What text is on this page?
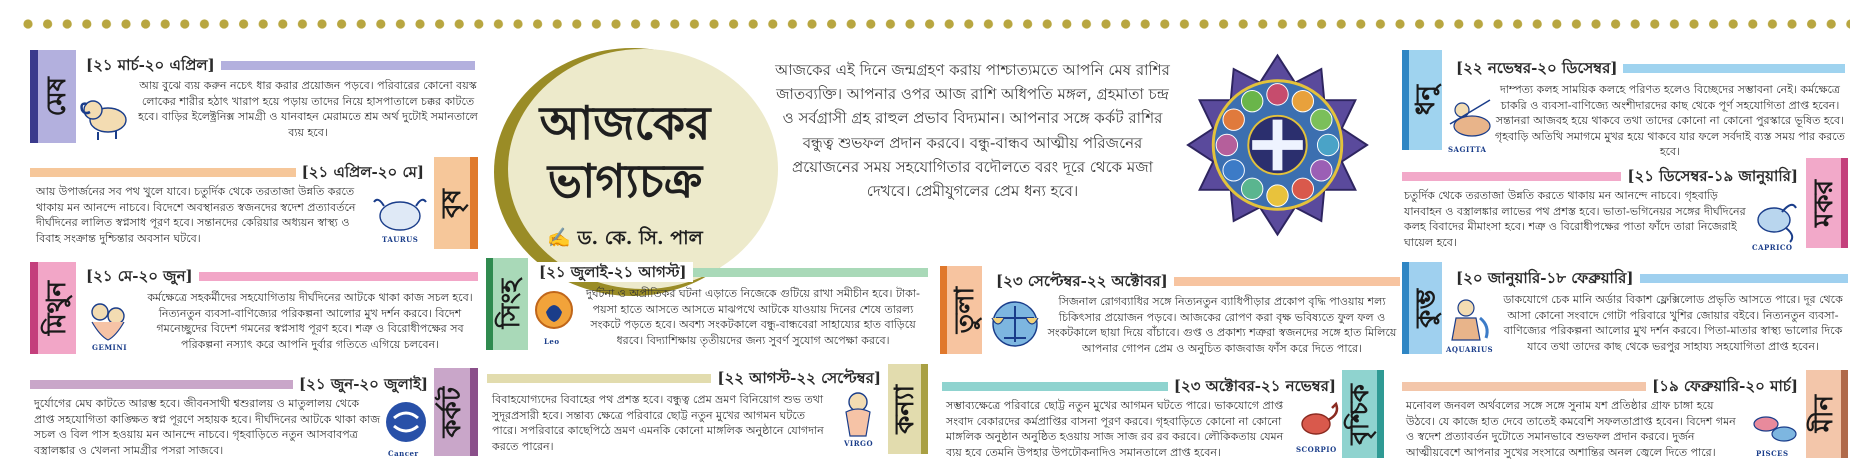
আজকের
ভাগ্যচক্র
✍ ড. কে. সি. পাল

আজকের এই দিনে জন্মগ্রহণ করায় পাশ্চাত্যমতে আপনি মেষ রাশির জাতব্যক্তি। আপনার ওপর আজ রাশি অধিপতি মঙ্গল, গ্রহমাতা চন্দ্র ও সর্বগ্রাসী গ্রহ রাহুল প্রভাব বিদ্যমান। আপনার সঙ্গে কর্কট রাশির বন্ধুত্ব শুভফল প্রদান করবে। বন্ধু-বান্ধব আত্মীয় পরিজনের প্রয়োজনের সময় সহযোগিতার বদৌলতে বরং দূরে থেকে মজা দেখবে। প্রেমীযুগলের প্রেম ধন্য হবে।

মেষ
[২১ মার্চ-২০ এপ্রিল]

আয় বুঝে ব্যয় করুন নচেৎ ধার করার প্রয়োজন পড়বে। পরিবারের কোনো বয়স্ক লোকের শারীর হঠাৎ খারাপ হয়ে পড়ায় তাদের নিয়ে হাসপাতালে চক্কর কাটতে হবে। বাড়ির ইলেক্ট্রনিক্স সামগ্রী ও যানবাহন মেরামতে শ্রম অর্থ দুটোই সমানতালে ব্যয় হবে।

[২১ এপ্রিল-২০ মে]
বৃষ

আয় উপার্জনের সব পথ খুলে যাবে। চতুর্দিক থেকে তরতাজা উন্নতি করতে থাকায় মন আনন্দে নাচবে। বিদেশে অবস্থানরত স্বজনদের স্বদেশ প্রত্যাবর্তনে দীর্ঘদিনের লালিত স্বপ্নসাধ পূরণ হবে। সন্তানদের কেরিয়ার অধ্যয়ন স্বাস্থ্য ও বিবাহ সংক্রান্ত দুশ্চিন্তার অবসান ঘটবে।	TAURUS
মিথুন
[২১ মে-২০ জুন]
GEMINI

কর্মক্ষেত্রে সহকর্মীদের সহযোগিতায় দীর্ঘদিনের আটকে থাকা কাজ সচল হবে। নিত্যনতুন ব্যবসা-বাণিজ্যের পরিকল্পনা আলোর মুখ দর্শন করবে। বিদেশ গমনেচ্ছুদের বিদেশ গমনের স্বপ্নসাধ পূরণ হবে। শত্রু ও বিরোধীপক্ষের সব পরিকল্পনা নস্যাৎ করে আপনি দুর্বার গতিতে এগিয়ে চলবেন।

[২১ জুন-২০ জুলাই]
কর্কট

দুর্যোগের মেঘ কাটতে আরম্ভ হবে। জীবনসাথী শ্বশুরালয় ও মাতুলালয় থেকে প্রাপ্ত সহযোগিতা কাঙ্ক্ষিত স্বপ্ন পূরণে সহায়ক হবে। দীর্ঘদিনের আটকে থাকা কাজ সচল ও বিল পাস হওয়ায় মন আনন্দে নাচবে। গৃহবাড়িতে নতুন আসবাবপত্র বস্ত্রালঙ্কার ও খেলনা সামগ্রীর পসরা সাজবে।	Cancer
সিংহ
[২১ জুলাই-২১ আগস্ট]
Leo

দুর্ঘটনা ও অপ্রীতিকর ঘটনা এড়াতে নিজেকে গুটিয়ে রাখা সমীচীন হবে। টাকা-পয়সা হাতে আসতে আসতে মাঝপথে আটকে যাওয়ায় দিনের শেষে তারল্য সংকটে পড়তে হবে। অবশ্য সংকটকালে বন্ধু-বান্ধবেরা সাহায্যের হাত বাড়িয়ে ধরবে। বিদ্যাশিক্ষায় তৃতীয়দের জন্য সুবর্ণ সুযোগ অপেক্ষা করবে।

[২২ আগস্ট-২২ সেপ্টেম্বর]
কন্যা

বিবাহযোগ্যদের বিবাহের পথ প্রশস্ত হবে। বন্ধুত্ব প্রেম ভ্রমণ বিনিয়োগ শুভ তথা সুদূরপ্রসারী হবে। সন্তাব্য ক্ষেত্রে পরিবারে ছোট্ট নতুন মুখের আগমন ঘটতে পারে। সপরিবারে কাছেপিঠে ভ্রমণ এমনকি কোনো মাঙ্গলিক অনুষ্ঠানে যোগদান করতে পারেন।	VIRGO
তুলা
[২৩ সেপ্টেম্বর-২২ অক্টোবর]

সিজনাল রোগব্যাধির সঙ্গে নিত্যনতুন ব্যাধিপীড়ার প্রকোপ বৃদ্ধি পাওয়ায় শল্য চিকিৎসার প্রয়োজন পড়বে। আজকের রোপণ করা বৃক্ষ ভবিষ্যতে ফুল ফল ও সংকটকালে ছায়া দিয়ে বাঁচাবে। গুপ্ত ও প্রকাশ্য শত্রুরা স্বজনদের সঙ্গে হাত মিলিয়ে আপনার গোপন প্রেম ও অনুচিত কাজবাজ ফাঁস করে দিতে পারে।

[২৩ অক্টোবর-২১ নভেম্বর] বৃশ্চিক

সম্ভাব্যক্ষেত্রে পরিবারে ছোট্ট নতুন মুখের আগমন ঘটতে পারে। ভাকযোগে প্রাপ্ত সংবাদ বেকারদের কর্মপ্রাপ্তির বাসনা পূরণ করবে। গৃহবাড়িতে কোনো না কোনো মাঙ্গলিক অনুষ্ঠান অনুষ্ঠিত হওয়ায় সাজ সাজ রব রব করবে। লৌকিকতায় যেমন ব্যয় হবে তেমনি উপহার উপঢৌকনাদিও সমানতালে প্রাপ্ত হবেন।	SCORPIO
ধনু
[২২ নভেম্বর-২০ ডিসেম্বর]
SAGITTA

দাম্পত্য কলহ সাময়িক কলহে পরিণত হলেও বিচ্ছেদের সম্ভাবনা নেই। কর্মক্ষেত্রে চাকরি ও ব্যবসা-বাণিজ্যে অংশীদারদের কাছ থেকে পূর্ণ সহযোগিতা প্রাপ্ত হবেন। সন্তানরা আজবহ হয়ে থাকবে তথা তাদের কোনো না কোনো পুরস্কারে ভূষিত হবে। গৃহবাড়ি অতিথি সমাগমে মুখর হয়ে থাকবে যার ফলে সর্বদাই ব্যস্ত সময় পার করতে হবে।

[২১ ডিসেম্বর-১৯ জানুয়ারি]
মকর

চতুর্দিক থেকে তরতাজা উন্নতি করতে থাকায় মন আনন্দে নাচবে। গৃহবাড়ি যানবাহন ও বস্ত্রালঙ্কার লাভের পথ প্রশস্ত হবে। ভাতা-ভগিনেয়র সঙ্গের দীর্ঘদিনের কলহ বিবাদের মীমাংসা হবে। শত্রু ও বিরোধীপক্ষের পাতা ফাঁদে তারা নিজেরাই ঘায়েল হবে।	CAPRICO
কুম্ভ
[২০ জানুয়ারি-১৮ ফেব্রুয়ারি]
AQUARIUS

ডাকযোগে চেক মানি অর্ডার বিকাশ ফ্লেক্সিলোড প্রভৃতি আসতে পারে। দূর থেকে আসা কোনো সংবাদে গোটা পরিবারে খুশির জোয়ার বইবে। নিত্যনতুন ব্যবসা-বাণিজ্যের পরিকল্পনা আলোর মুখ দর্শন করবে। পিতা-মাতার স্বাস্থ্য ভালোর দিকে যাবে তথা তাদের কাছ থেকে ভরপুর সাহায্য সহযোগিতা প্রাপ্ত হবেন।

[১৯ ফেব্রুয়ারি-২০ মার্চ]
মীন

মনোবল জনবল অর্থবলের সঙ্গে সঙ্গে সুনাম যশ প্রতিষ্ঠার গ্রাফ চাঙ্গা হয়ে উঠবে। যে কাজে হাত দেবে তাতেই কমবেশি সফলতাপ্রাপ্ত হবেন। বিদেশ গমন ও স্বদেশ প্রত্যাবর্তন দুটোতে সমানভাবে শুভফল প্রদান করবে। দুর্জন আত্মীয়বেশে আপনার সুখের সংসারে অশান্তির অনল জ্বেলে দিতে পারে।	PISCES
